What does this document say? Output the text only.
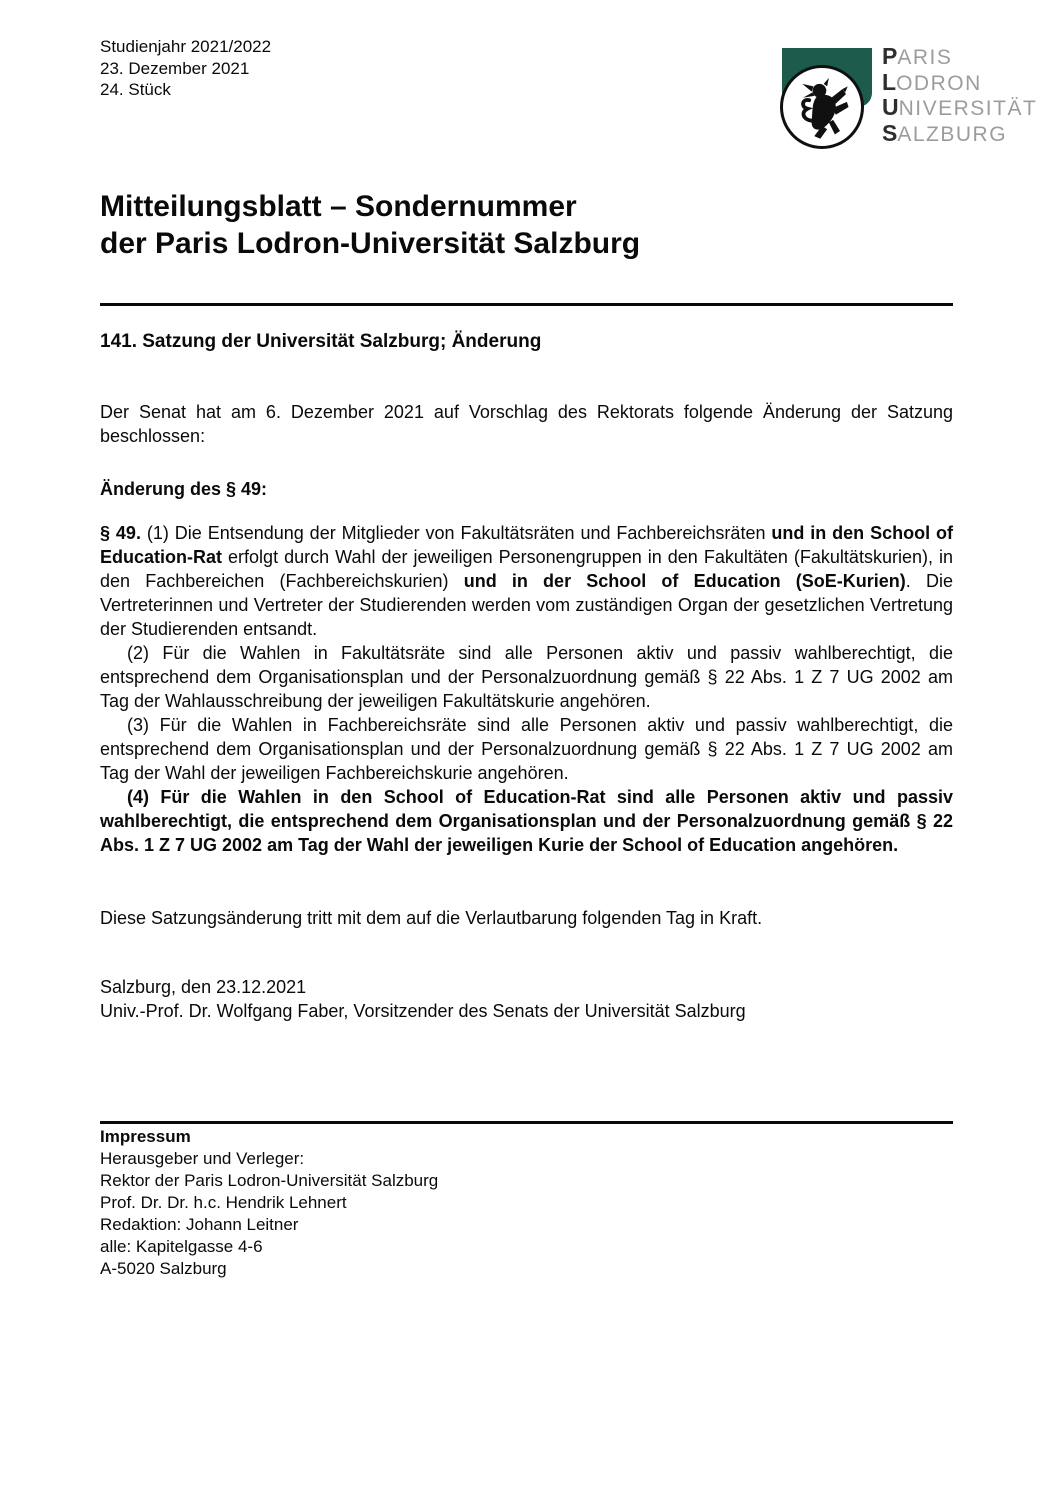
Studienjahr 2021/2022
23. Dezember 2021
24. Stück
PARIS
LODRON
UNIVERSITÄT
SALZBURG
Mitteilungsblatt – Sondernummer
der Paris Lodron-Universität Salzburg
141. Satzung der Universität Salzburg; Änderung
Der Senat hat am 6. Dezember 2021 auf Vorschlag des Rektorats folgende Änderung der Satzung beschlossen:
Änderung des § 49:

§ 49. (1) Die Entsendung der Mitglieder von Fakultätsräten und Fachbereichsräten und in den School of Education-Rat erfolgt durch Wahl der jeweiligen Personengruppen in den Fakultäten (Fakultätskurien), in den Fachbereichen (Fachbereichskurien) und in der School of Education (SoE-Kurien). Die Vertreterinnen und Vertreter der Studierenden werden vom zuständigen Organ der gesetzlichen Vertretung der Studierenden entsandt.

(2) Für die Wahlen in Fakultätsräte sind alle Personen aktiv und passiv wahlberechtigt, die entsprechend dem Organisationsplan und der Personalzuordnung gemäß § 22 Abs. 1 Z 7 UG 2002 am Tag der Wahlausschreibung der jeweiligen Fakultätskurie angehören.

(3) Für die Wahlen in Fachbereichsräte sind alle Personen aktiv und passiv wahlberechtigt, die entsprechend dem Organisationsplan und der Personalzuordnung gemäß § 22 Abs. 1 Z 7 UG 2002 am Tag der Wahl der jeweiligen Fachbereichskurie angehören.

(4) Für die Wahlen in den School of Education-Rat sind alle Personen aktiv und passiv wahlberechtigt, die entsprechend dem Organisationsplan und der Personalzuordnung gemäß § 22 Abs. 1 Z 7 UG 2002 am Tag der Wahl der jeweiligen Kurie der School of Education angehören.

Diese Satzungsänderung tritt mit dem auf die Verlautbarung folgenden Tag in Kraft.
Salzburg, den 23.12.2021
Univ.-Prof. Dr. Wolfgang Faber, Vorsitzender des Senats der Universität Salzburg
Impressum
Herausgeber und Verleger:
Rektor der Paris Lodron-Universität Salzburg
Prof. Dr. Dr. h.c. Hendrik Lehnert
Redaktion: Johann Leitner
alle: Kapitelgasse 4-6
A-5020 Salzburg
